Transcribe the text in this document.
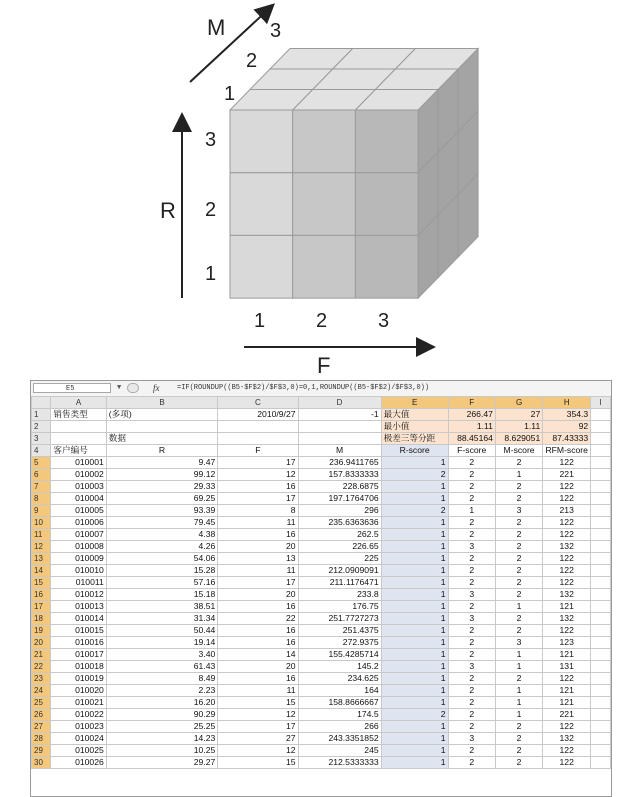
M
1
2
3
R
1
2
3
F
1	2	3
E5	▼	fx	=IF(ROUNDUP((B5-$F$2)/$F$3,0)=0,1,ROUNDUP((B5-$F$2)/$F$3,0))
	A	B	C	D	E	F	G	H	I
1	销售类型	(多项)	2010/9/27	-1	最大值	266.47	27	354.3	
2					最小值	1.11	1.11	92	
3		数据			极差三等分距	88.45164	8.629051	87.43333	
4	客户编号	R	F	M	R-score	F-score	M-score	RFM-score	
5	010001	9.47	17	236.9411765	1	2	2	122	
6	010002	99.12	12	157.8333333	2	2	1	221	
7	010003	29.33	16	228.6875	1	2	2	122	
8	010004	69.25	17	197.1764706	1	2	2	122	
9	010005	93.39	8	296	2	1	3	213	
10	010006	79.45	11	235.6363636	1	2	2	122	
11	010007	4.38	16	262.5	1	2	2	122	
12	010008	4.26	20	226.65	1	3	2	132	
13	010009	54.06	13	225	1	2	2	122	
14	010010	15.28	11	212.0909091	1	2	2	122	
15	010011	57.16	17	211.1176471	1	2	2	122	
16	010012	15.18	20	233.8	1	3	2	132	
17	010013	38.51	16	176.75	1	2	1	121	
18	010014	31.34	22	251.7727273	1	3	2	132	
19	010015	50.44	16	251.4375	1	2	2	122	
20	010016	19.14	16	272.9375	1	2	3	123	
21	010017	3.40	14	155.4285714	1	2	1	121	
22	010018	61.43	20	145.2	1	3	1	131	
23	010019	8.49	16	234.625	1	2	2	122	
24	010020	2.23	11	164	1	2	1	121	
25	010021	16.20	15	158.8666667	1	2	1	121	
26	010022	90.29	12	174.5	2	2	1	221	
27	010023	25.25	17	266	1	2	2	122	
28	010024	14.23	27	243.3351852	1	3	2	132	
29	010025	10.25	12	245	1	2	2	122	
30	010026	29.27	15	212.5333333	1	2	2	122	
